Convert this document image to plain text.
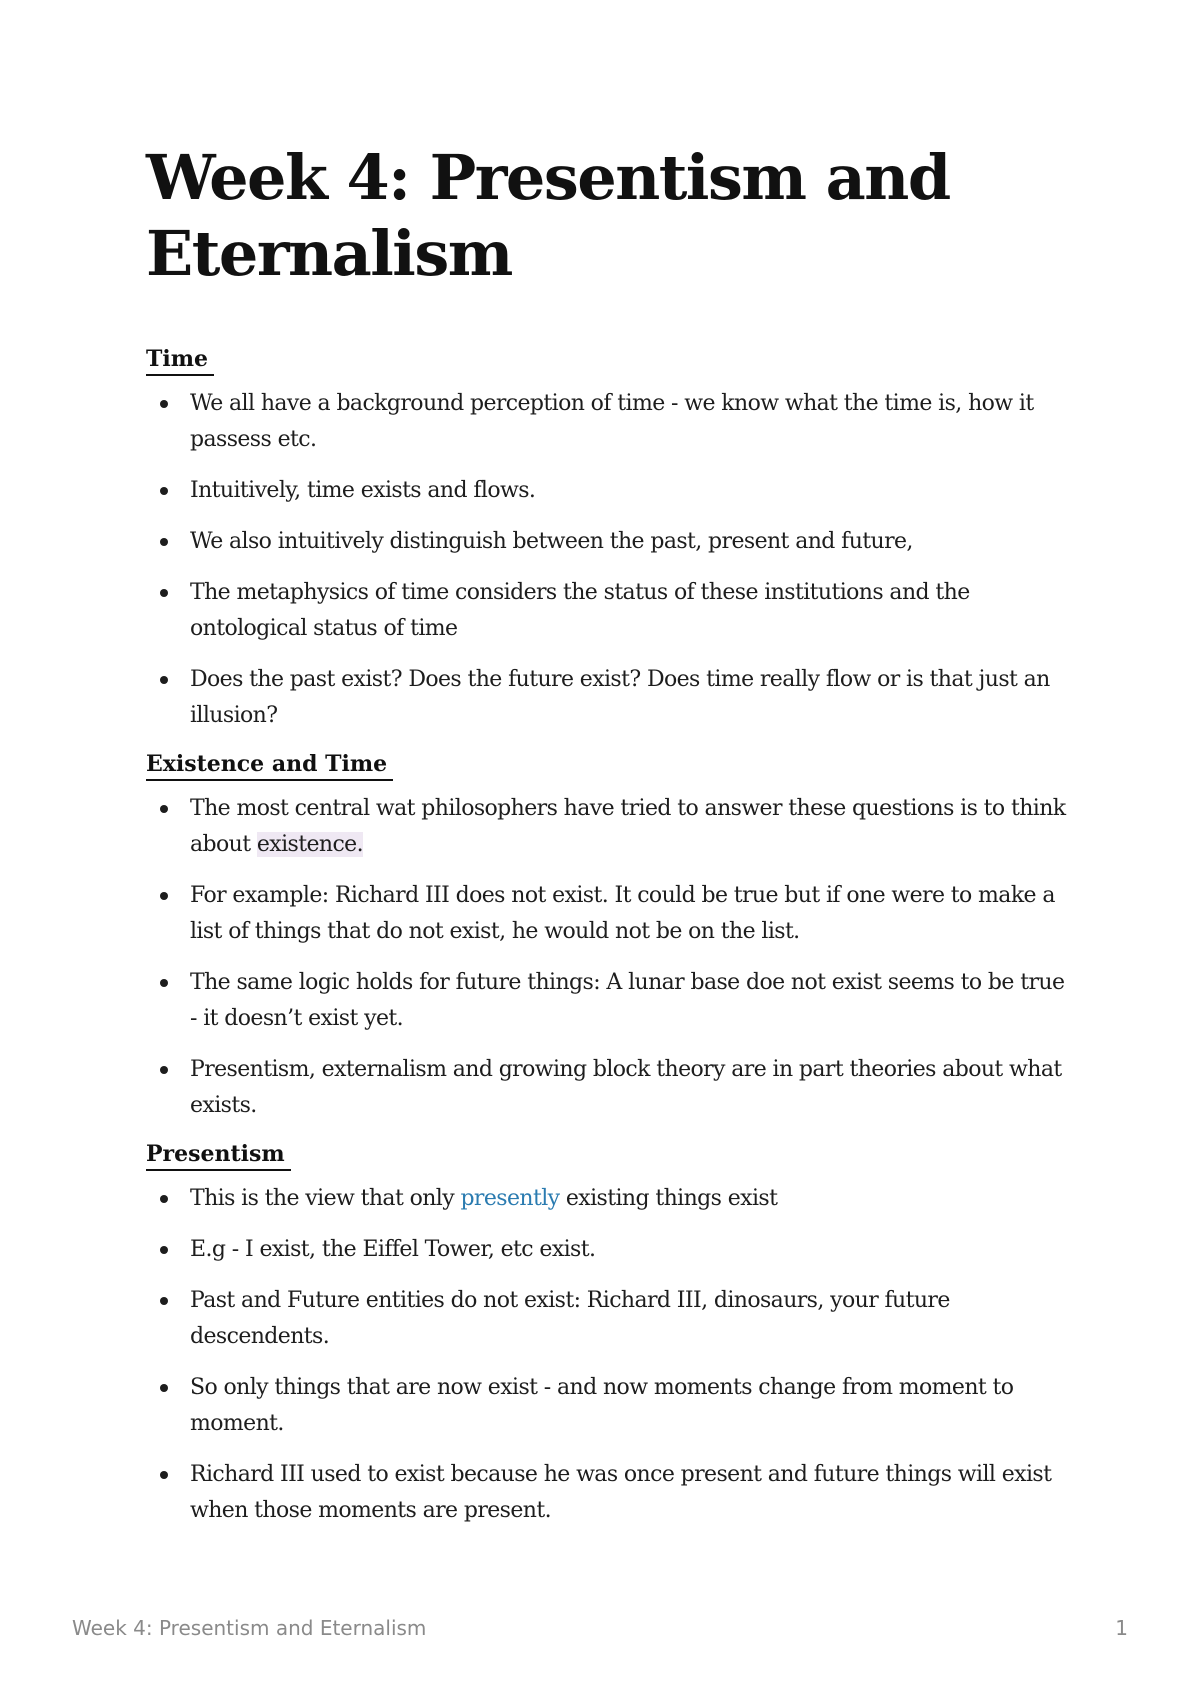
Week 4: Presentism and Eternalism
Time
We all have a background perception of time - we know what the time is, how it passess etc.
Intuitively, time exists and flows.
We also intuitively distinguish between the past, present and future,
The metaphysics of time considers the status of these institutions and the ontological status of time
Does the past exist? Does the future exist? Does time really flow or is that just an illusion?
Existence and Time
The most central wat philosophers have tried to answer these questions is to think about existence.
For example: Richard III does not exist. It could be true but if one were to make a list of things that do not exist, he would not be on the list.
The same logic holds for future things: A lunar base doe not exist seems to be true - it doesn’t exist yet.
Presentism, externalism and growing block theory are in part theories about what exists.
Presentism
This is the view that only presently existing things exist
E.g - I exist, the Eiffel Tower, etc exist.
Past and Future entities do not exist: Richard III, dinosaurs, your future descendents.
So only things that are now exist - and now moments change from moment to moment.
Richard III used to exist because he was once present and future things will exist when those moments are present.
Week 4: Presentism and Eternalism	1
